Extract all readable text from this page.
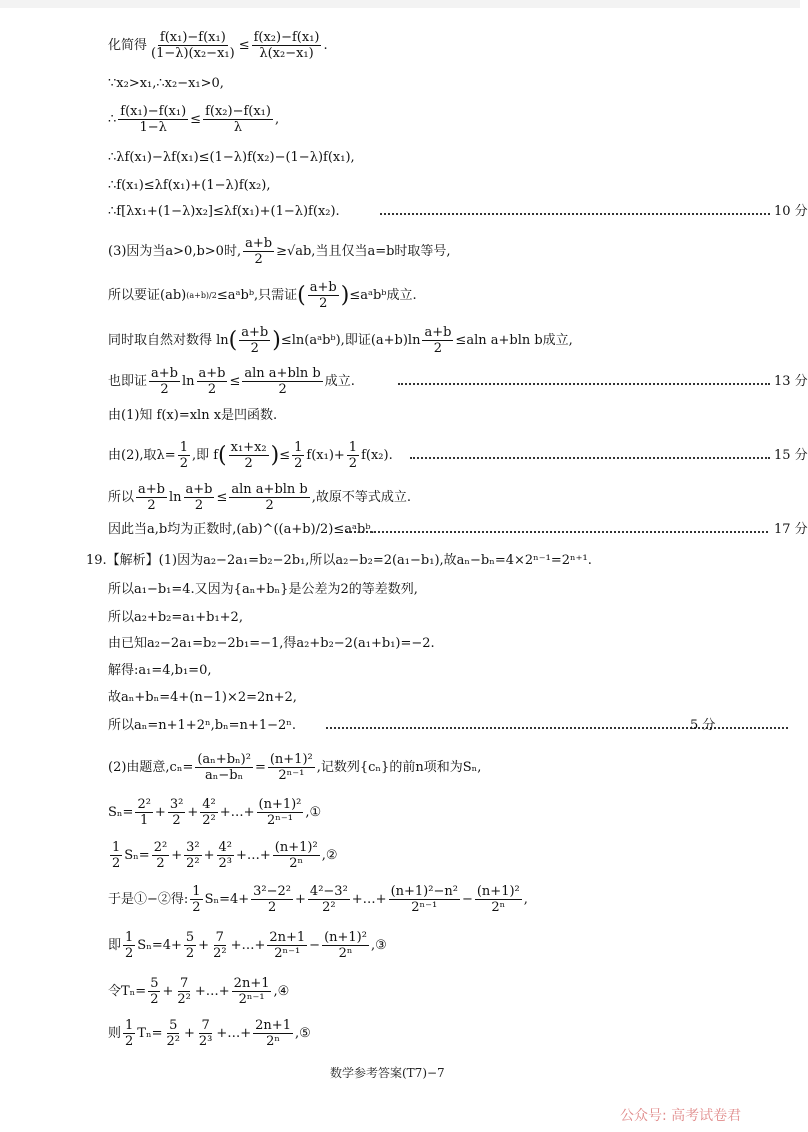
化简得 $\frac{\text{f(x₁)−f(x₁)}}{\text{(1−λ)(x₂−x₁)}} \le \frac{\text{f(x₂)−f(x₁)}}{\text{λ(x₂−x₁)}}$ .
∵x₂>x₁,∴x₂−x₁>0,
∴ $\frac{\text{f(x₁)−f(x₁)}}{1-\lambda} \le \frac{\text{f(x₂)−f(x₁)}}{\lambda}$ ,
∴λf(x₁)−λf(x₁)≤(1−λ)f(x₂)−(1−λ)f(x₁),
∴f(x₁)≤λf(x₁)+(1−λ)f(x₂),
∴f[λx₁+(1−λ)x₂]≤λf(x₁)+(1−λ)f(x₂).	10 分
(3)因为当a>0,b>0时, $\frac{a+b}{2} \ge√ab$,当且仅当a=b时取等号,
所以要证(ab) (a+b)/2 ≤aᵃbᵇ,只需证 ( $\frac{a+b}{2}$ ) ≤aᵃbᵇ成立.
同时取自然对数得 ln ( $\frac{a+b}{2}$ ) ≤ln(aᵃbᵇ),即证$(a+b)\ln \frac{a+b}{2} \le aln$ a+bln b成立,
也即证 $\frac{a+b}{2}$ $\ln \frac{a+b}{2} \le \frac{\text{aln a+bln b}}{2}$ 成立.	13 分
由(1)知 f(x)=xln x是凹函数.
由(2),取$\lambda= \frac{1}{2}$ ,即 f ( $\frac{\text{x₁+x₂}}{2}$ ) ≤ $\frac{1}{2} f(x_1)+ \frac{1}{2} f(x_2)$.	15 分
所以 $\frac{a+b}{2}$ $\ln \frac{a+b}{2} \le \frac{\text{aln a+bln b}}{2}$ ,故原不等式成立.
因此当a,b均为正数时,(ab)^((a+b)/2)≤aᵃbᵇ.	17 分
19.【解析】(1)因为a₂−2a₁=b₂−2b₁,所以a₂−b₂=2(a₁−b₁),故aₙ−bₙ=4×2ⁿ⁻¹=2ⁿ⁺¹.
所以a₁−b₁=4.又因为{aₙ+bₙ}是公差为2的等差数列,
所以a₂+b₂=a₁+b₁+2,
由已知a₂−2a₁=b₂−2b₁=−1,得a₂+b₂−2(a₁+b₁)=−2.
解得:a₁=4,b₁=0,
故aₙ+bₙ=4+(n−1)×2=2n+2,
所以aₙ=n+1+2ⁿ,bₙ=n+1−2ⁿ.	5 分
(2)由题意$,c_n= \frac{\text{(aₙ+bₙ)²}}{\text{aₙ−bₙ}} = \frac{\text{(n+1)²}}{\text{2ⁿ⁻¹}}$ ,记数列{cₙ}的前n项和为Sₙ,
$S_n= \frac{\text{2²}}{1} + \frac{\text{3²}}{2} + \frac{\text{4²}}{\text{2²}}$ +…+ $\frac{\text{(n+1)²}}{\text{2ⁿ⁻¹}}$ ,①
$\frac{1}{2} S_n= \frac{\text{2²}}{2} + \frac{\text{3²}}{\text{2²}} + \frac{\text{4²}}{\text{2³}}$ +…+ $\frac{\text{(n+1)²}}{\text{2ⁿ}}$ ,②
于是①−②得: $\frac{1}{2} S_n=4+ \frac{\text{3²−2²}}{2} + \frac{\text{4²−3²}}{\text{2²}}$ +…+ $\frac{\text{(n+1)²−n²}}{\text{2ⁿ⁻¹}} - \frac{\text{(n+1)²}}{\text{2ⁿ}}$ ,
即 $\frac{1}{2} S_n=4+ \frac{5}{2} + \frac{7}{\text{2²}}$ +…+ $\frac{2n+1}{\text{2ⁿ⁻¹}} - \frac{\text{(n+1)²}}{\text{2ⁿ}}$ ,③
令$T_n= \frac{5}{2} + \frac{7}{\text{2²}}$ +…+ $\frac{2n+1}{\text{2ⁿ⁻¹}}$ ,④
则 $\frac{1}{2} T_n= \frac{5}{\text{2²}} + \frac{7}{\text{2³}}$ +…+ $\frac{2n+1}{\text{2ⁿ}}$ ,⑤
数学参考答案(T7)−7
公众号: 高考试卷君
